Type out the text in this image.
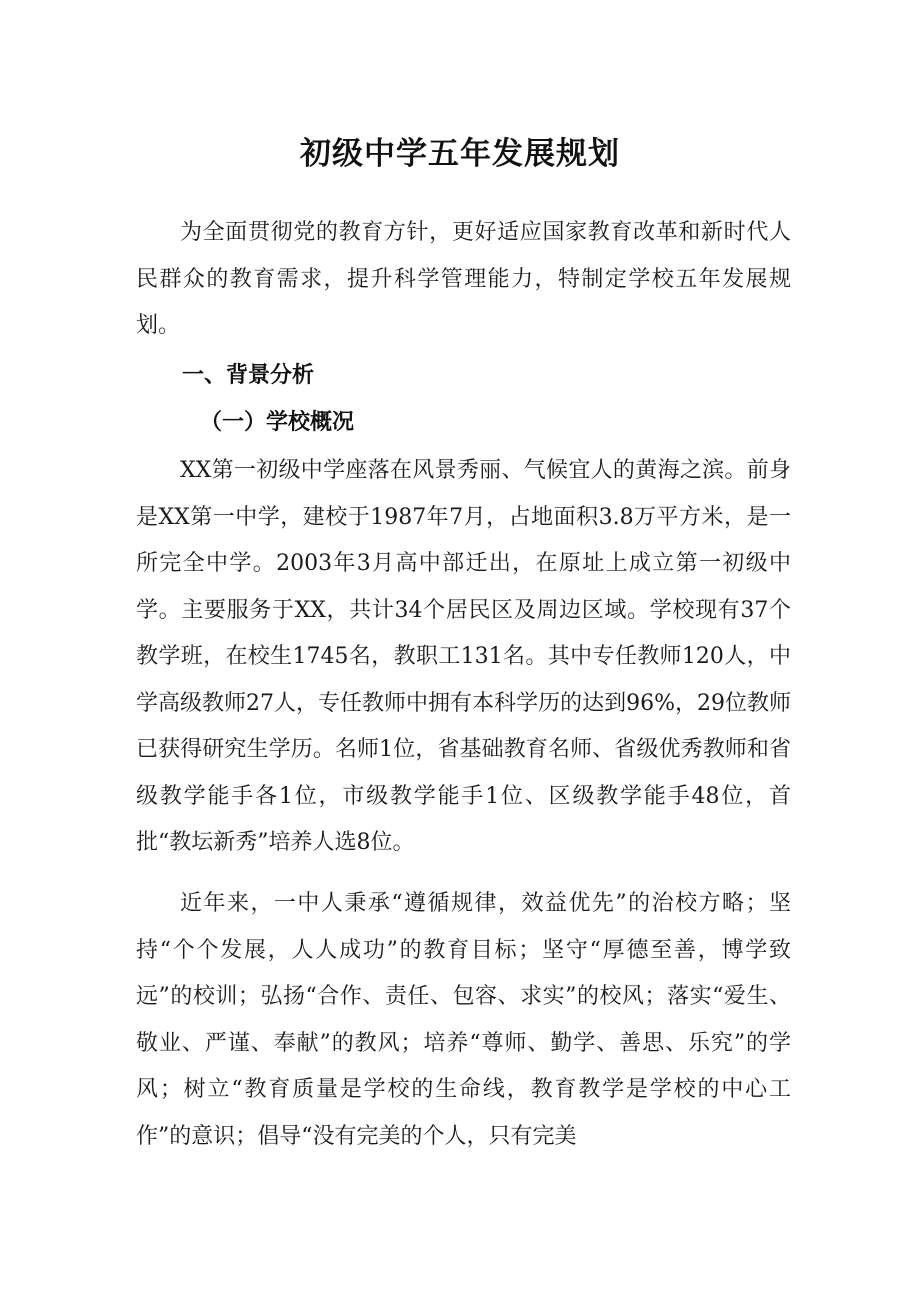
初级中学五年发展规划

为全面贯彻党的教育方针，更好适应国家教育改革和新时代人民群众的教育需求，提升科学管理能力，特制定学校五年发展规划。

一、背景分析
（一）学校概况

XX第一初级中学座落在风景秀丽、气候宜人的黄海之滨。前身是XX第一中学，建校于1987年7月，占地面积3.8万平方米，是一所完全中学。2003年3月高中部迁出，在原址上成立第一初级中学。主要服务于XX，共计34个居民区及周边区域。学校现有37个教学班，在校生1745名，教职工131名。其中专任教师120人，中学高级教师27人，专任教师中拥有本科学历的达到96%，29位教师已获得研究生学历。名师1位，省基础教育名师、省级优秀教师和省级教学能手各1位，市级教学能手1位、区级教学能手48位，首批“教坛新秀”培养人选8位。

近年来，一中人秉承“遵循规律，效益优先”的治校方略；坚持“个个发展，人人成功”的教育目标；坚守“厚德至善，博学致远”的校训；弘扬“合作、责任、包容、求实”的校风；落实“爱生、敬业、严谨、奉献”的教风；培养“尊师、勤学、善思、乐究”的学风；树立“教育质量是学校的生命线，教育教学是学校的中心工作”的意识；倡导“没有完美的个人，只有完美
